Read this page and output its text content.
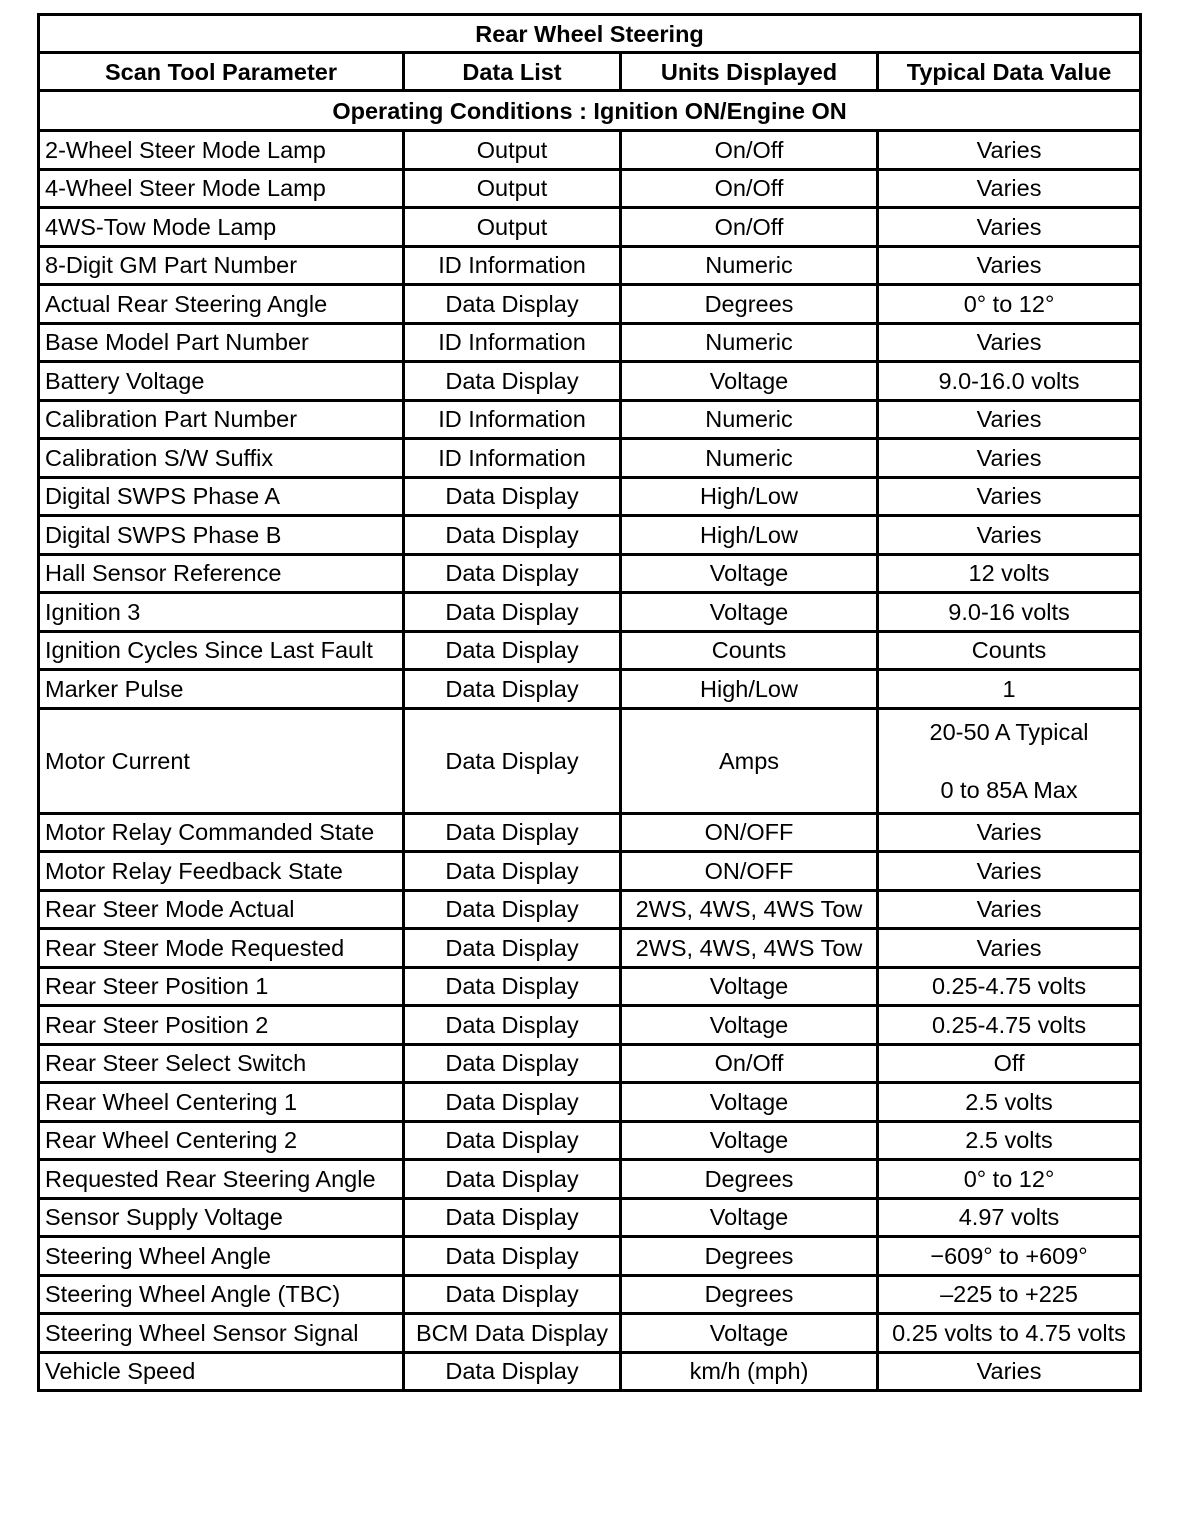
Rear Wheel Steering			
Scan Tool Parameter	Data List	Units Displayed	Typical Data Value
Operating Conditions : Ignition ON/Engine ON			
2-Wheel Steer Mode Lamp	Output	On/Off	Varies
4-Wheel Steer Mode Lamp	Output	On/Off	Varies
4WS-Tow Mode Lamp	Output	On/Off	Varies
8-Digit GM Part Number	ID Information	Numeric	Varies
Actual Rear Steering Angle	Data Display	Degrees	0° to 12°
Base Model Part Number	ID Information	Numeric	Varies
Battery Voltage	Data Display	Voltage	9.0-16.0 volts
Calibration Part Number	ID Information	Numeric	Varies
Calibration S/W Suffix	ID Information	Numeric	Varies
Digital SWPS Phase A	Data Display	High/Low	Varies
Digital SWPS Phase B	Data Display	High/Low	Varies
Hall Sensor Reference	Data Display	Voltage	12 volts
Ignition 3	Data Display	Voltage	9.0-16 volts
Ignition Cycles Since Last Fault	Data Display	Counts	Counts
Marker Pulse	Data Display	High/Low	1
Motor Current	Data Display	Amps	20-50 A Typical
0 to 85A Max

Motor Relay Commanded State	Data Display	ON/OFF	Varies
Motor Relay Feedback State	Data Display	ON/OFF	Varies
Rear Steer Mode Actual	Data Display	2WS, 4WS, 4WS Tow	Varies
Rear Steer Mode Requested	Data Display	2WS, 4WS, 4WS Tow	Varies
Rear Steer Position 1	Data Display	Voltage	0.25-4.75 volts
Rear Steer Position 2	Data Display	Voltage	0.25-4.75 volts
Rear Steer Select Switch	Data Display	On/Off	Off
Rear Wheel Centering 1	Data Display	Voltage	2.5 volts
Rear Wheel Centering 2	Data Display	Voltage	2.5 volts
Requested Rear Steering Angle	Data Display	Degrees	0° to 12°
Sensor Supply Voltage	Data Display	Voltage	4.97 volts
Steering Wheel Angle	Data Display	Degrees	−609° to +609°
Steering Wheel Angle (TBC)	Data Display	Degrees	–225 to +225
Steering Wheel Sensor Signal	BCM Data Display	Voltage	0.25 volts to 4.75 volts
Vehicle Speed	Data Display	km/h (mph)	Varies
